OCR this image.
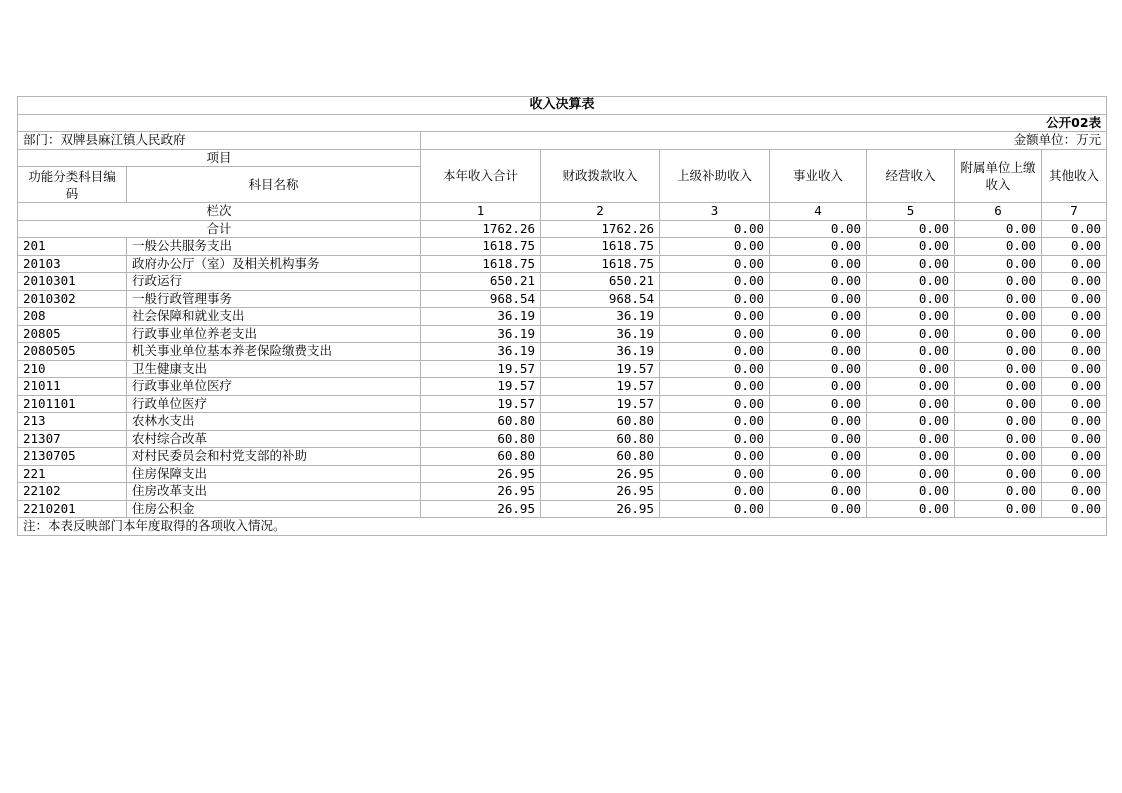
收入决算表								
		公开02表						
部门：双牌县麻江镇人民政府		金额单位：万元						
项目		本年收入合计	财政拨款收入	上级补助收入	事业收入	经营收入	附属单位上缴收入	其他收入
功能分类科目编码	科目名称							
栏次		1	2	3	4	5	6	7
合计		1762.26	1762.26	0.00	0.00	0.00	0.00	0.00
201	一般公共服务支出	1618.75	1618.75	0.00	0.00	0.00	0.00	0.00
20103	政府办公厅（室）及相关机构事务	1618.75	1618.75	0.00	0.00	0.00	0.00	0.00
2010301	行政运行	650.21	650.21	0.00	0.00	0.00	0.00	0.00
2010302	一般行政管理事务	968.54	968.54	0.00	0.00	0.00	0.00	0.00
208	社会保障和就业支出	36.19	36.19	0.00	0.00	0.00	0.00	0.00
20805	行政事业单位养老支出	36.19	36.19	0.00	0.00	0.00	0.00	0.00
2080505	机关事业单位基本养老保险缴费支出	36.19	36.19	0.00	0.00	0.00	0.00	0.00
210	卫生健康支出	19.57	19.57	0.00	0.00	0.00	0.00	0.00
21011	行政事业单位医疗	19.57	19.57	0.00	0.00	0.00	0.00	0.00
2101101	行政单位医疗	19.57	19.57	0.00	0.00	0.00	0.00	0.00
213	农林水支出	60.80	60.80	0.00	0.00	0.00	0.00	0.00
21307	农村综合改革	60.80	60.80	0.00	0.00	0.00	0.00	0.00
2130705	对村民委员会和村党支部的补助	60.80	60.80	0.00	0.00	0.00	0.00	0.00
221	住房保障支出	26.95	26.95	0.00	0.00	0.00	0.00	0.00
22102	住房改革支出	26.95	26.95	0.00	0.00	0.00	0.00	0.00
2210201	住房公积金	26.95	26.95	0.00	0.00	0.00	0.00	0.00
注：本表反映部门本年度取得的各项收入情况。								
